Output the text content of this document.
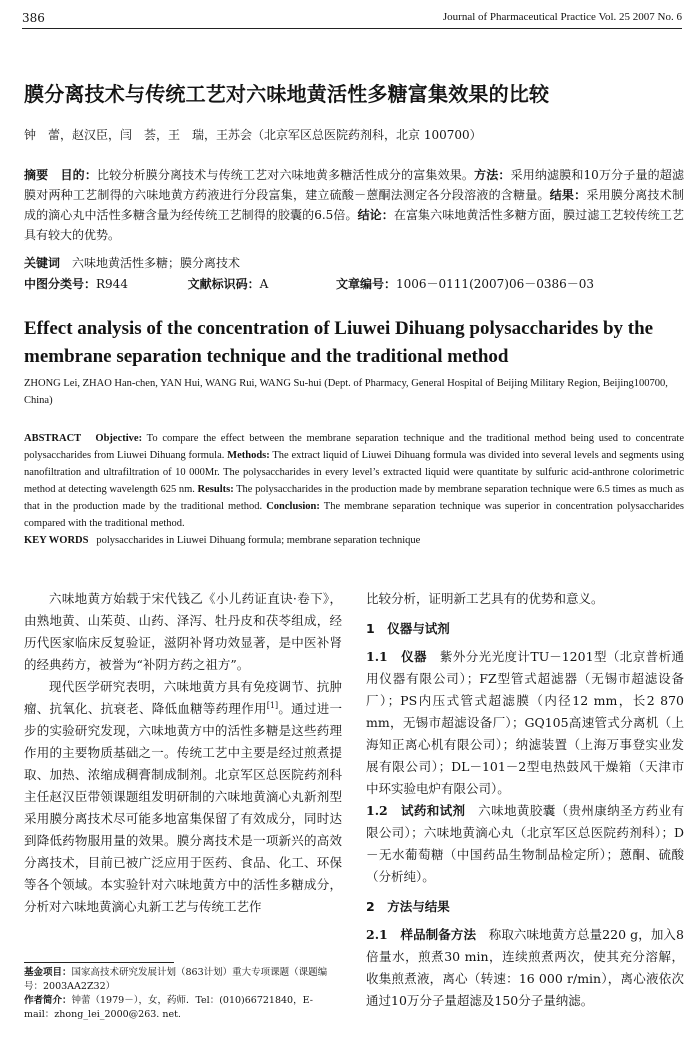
386	Journal of Pharmaceutical Practice Vol. 25 2007 No. 6
膜分离技术与传统工艺对六味地黄活性多糖富集效果的比较
钟　蕾，赵汉臣，闫　荟，王　瑞，王苏会（北京军区总医院药剂科，北京 100700）
摘要　 目的：比较分析膜分离技术与传统工艺对六味地黄多糖活性成分的富集效果。方法：采用纳滤膜和10万分子量的超滤膜对两种工艺制得的六味地黄方药液进行分段富集，建立硫酸－蒽酮法测定各分段溶液的含糖量。结果：采用膜分离技术制成的滴心丸中活性多糖含量为经传统工艺制得的胶囊的6.5倍。结论：在富集六味地黄活性多糖方面，膜过滤工艺较传统工艺具有较大的优势。
关键词　 六味地黄活性多糖；膜分离技术
中图分类号：R944	文献标识码：A	文章编号：1006－0111(2007)06－0386－03
Effect analysis of the concentration of Liuwei Dihuang polysaccharides by the membrane separation technique and the traditional method
ZHONG Lei, ZHAO Han-chen, YAN Hui, WANG Rui, WANG Su-hui (Dept. of Pharmacy, General Hospital of Beijing Military Region, Beijing100700, China)
ABSTRACT Objective: To compare the effect between the membrane separation technique and the traditional method being used to concentrate polysaccharides from Liuwei Dihuang formula. Methods: The extract liquid of Liuwei Dihuang formula was divided into several levels and segments using nanofiltration and ultrafiltration of 10 000Mr. The polysaccharides in every level’s extracted liquid were quantitate by sulfuric acid-anthrone colorimetric method at detecting wavelength 625 nm. Results: The polysaccharides in the production made by membrane separation technique were 6.5 times as much as that in the production made by the traditional method. Conclusion: The membrane separation technique was superior in concentration polysaccharides compared with the traditional method.
KEY WORDS polysaccharides in Liuwei Dihuang formula; membrane separation technique

六味地黄方始载于宋代钱乙《小儿药证直诀·卷下》，由熟地黄、山茱萸、山药、泽泻、牡丹皮和茯苓组成，经历代医家临床反复验证，滋阴补肾功效显著，是中医补肾的经典药方，被誉为“补阴方药之祖方”。

现代医学研究表明，六味地黄方具有免疫调节、抗肿瘤、抗氧化、抗衰老、降低血糖等药理作用[1]。通过进一步的实验研究发现，六味地黄方中的活性多糖是这些药理作用的主要物质基础之一。传统工艺中主要是经过煎煮提取、加热、浓缩成稠膏制成制剂。北京军区总医院药剂科主任赵汉臣带领课题组发明研制的六味地黄滴心丸新剂型采用膜分离技术尽可能多地富集保留了有效成分，同时达到降低药物服用量的效果。膜分离技术是一项新兴的高效分离技术，目前已被广泛应用于医药、食品、化工、环保等各个领域。本实验针对六味地黄方中的活性多糖成分，分析对六味地黄滴心丸新工艺与传统工艺作

比较分析，证明新工艺具有的优势和意义。

1　仪器与试剂

1.1　仪器　 紫外分光光度计TU－1201型（北京普析通用仪器有限公司）；FZ型管式超滤器（无锡市超滤设备厂）；PS内压式管式超滤膜（内径12 mm，长2 870 mm，无锡市超滤设备厂）；GQ105高速管式分离机（上海知正离心机有限公司）；纳滤装置（上海万事登实业发展有限公司）；DL－101－2型电热鼓风干燥箱（天津市中环实验电炉有限公司）。

1.2　试药和试剂　 六味地黄胶囊（贵州康纳圣方药业有限公司）；六味地黄滴心丸（北京军区总医院药剂科）；D－无水葡萄糖（中国药品生物制品检定所）；蒽酮、硫酸（分析纯）。

2　方法与结果

2.1　样品制备方法　 称取六味地黄方总量220 g，加入8倍量水，煎煮30 min，连续煎煮两次，使其充分溶解，收集煎煮液，离心（转速：16 000 r/min），离心液依次通过10万分子量超滤及150分子量纳滤。

基金项目：国家高技术研究发展计划（863计划）重大专项课题（课题编号：2003AA2Z32）
作者简介：钟蕾（1979－），女，药师．Tel：(010)66721840，E-mail：zhong_lei_2000@263. net.
